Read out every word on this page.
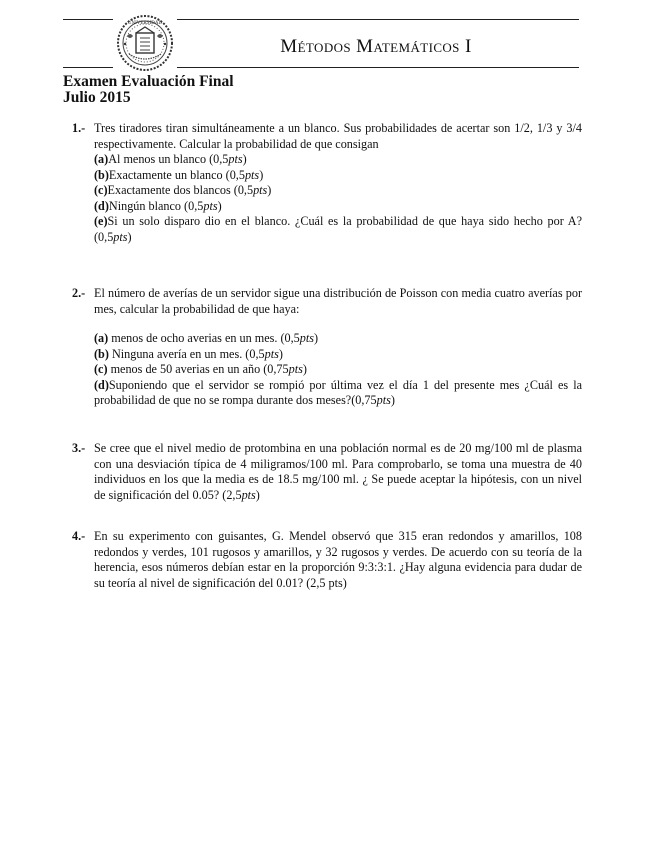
UNIVERSIDAD
Métodos Matemáticos I
Examen Evaluación Final
Julio 2015
1.- Tres tiradores tiran simultáneamente a un blanco. Sus probabilidades de acertar son 1/2, 1/3 y 3/4 respectivamente. Calcular la probabilidad de que consigan

(a)Al menos un blanco (0,5pts)

(b)Exactamente un blanco (0,5pts)

(c)Exactamente dos blancos (0,5pts)

(d)Ningún blanco (0,5pts)

(e)Si un solo disparo dio en el blanco. ¿Cuál es la probabilidad de que haya sido hecho por A? (0,5pts)

2.- El número de averías de un servidor sigue una distribución de Poisson con media cuatro averías por mes, calcular la probabilidad de que haya:

(a) menos de ocho averias en un mes. (0,5pts)

(b) Ninguna avería en un mes. (0,5pts)

(c) menos de 50 averias en un año (0,75pts)

(d)Suponiendo que el servidor se rompió por última vez el día 1 del presente mes ¿Cuál es la probabilidad de que no se rompa durante dos meses?(0,75pts)

3.- Se cree que el nivel medio de protombina en una población normal es de 20 mg/100 ml de plasma con una desviación típica de 4 miligramos/100 ml. Para comprobarlo, se toma una muestra de 40 individuos en los que la media es de 18.5 mg/100 ml. ¿ Se puede aceptar la hipótesis, con un nivel de significación del 0.05? (2,5pts)

4.- En su experimento con guisantes, G. Mendel observó que 315 eran redondos y amarillos, 108 redondos y verdes, 101 rugosos y amarillos, y 32 rugosos y verdes. De acuerdo con su teoría de la herencia, esos números debían estar en la proporción 9:3:3:1. ¿Hay alguna evidencia para dudar de su teoría al nivel de significación del 0.01? (2,5 pts)
